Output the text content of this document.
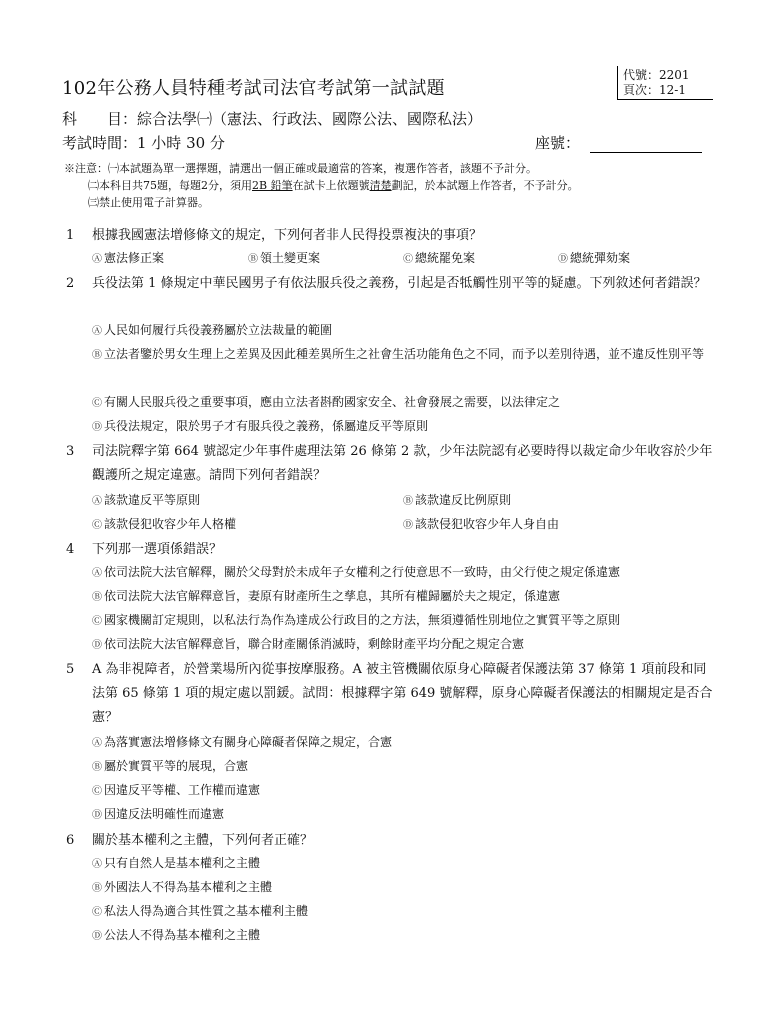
代號：2201
頁次：12-1
102年公務人員特種考試司法官考試第一試試題
科　　目：綜合法學㈠（憲法、行政法、國際公法、國際私法）
考試時間：1 小時 30 分	座號：
※注意：㈠本試題為單一選擇題，請選出一個正確或最適當的答案，複選作答者，該題不予計分。
㈡本科目共75題，每題2分，須用2B 鉛筆在試卡上依題號清楚劃記，於本試題上作答者，不予計分。
㈢禁止使用電子計算器。
1 根據我國憲法增修條文的規定，下列何者非人民得投票複決的事項？
Ⓐ 憲法修正案	Ⓑ 領土變更案	Ⓒ 總統罷免案	Ⓓ 總統彈劾案
2 兵役法第 1 條規定中華民國男子有依法服兵役之義務，引起是否牴觸性別平等的疑慮。下列敘述何者錯誤？
Ⓐ 人民如何履行兵役義務屬於立法裁量的範圍
Ⓑ 立法者鑒於男女生理上之差異及因此種差異所生之社會生活功能角色之不同，而予以差別待遇，並不違反性別平等
Ⓒ 有關人民服兵役之重要事項，應由立法者斟酌國家安全、社會發展之需要，以法律定之
Ⓓ 兵役法規定，限於男子才有服兵役之義務，係屬違反平等原則
3 司法院釋字第 664 號認定少年事件處理法第 26 條第 2 款，少年法院認有必要時得以裁定命少年收容於少年觀護所之規定違憲。請問下列何者錯誤？
Ⓐ 該款違反平等原則	Ⓑ 該款違反比例原則
Ⓒ 該款侵犯收容少年人格權	Ⓓ 該款侵犯收容少年人身自由
4 下列那一選項係錯誤？
Ⓐ 依司法院大法官解釋，關於父母對於未成年子女權利之行使意思不一致時，由父行使之規定係違憲
Ⓑ 依司法院大法官解釋意旨，妻原有財產所生之孳息，其所有權歸屬於夫之規定，係違憲
Ⓒ 國家機關訂定規則，以私法行為作為達成公行政目的之方法，無須遵循性別地位之實質平等之原則
Ⓓ 依司法院大法官解釋意旨，聯合財產關係消滅時，剩餘財產平均分配之規定合憲
5 A 為非視障者，於營業場所內從事按摩服務。A 被主管機關依原身心障礙者保護法第 37 條第 1 項前段和同法第 65 條第 1 項的規定處以罰鍰。試問：根據釋字第 649 號解釋，原身心障礙者保護法的相關規定是否合憲？
Ⓐ 為落實憲法增修條文有關身心障礙者保障之規定，合憲
Ⓑ 屬於實質平等的展現，合憲
Ⓒ 因違反平等權、工作權而違憲
Ⓓ 因違反法明確性而違憲
6 關於基本權利之主體，下列何者正確？
Ⓐ 只有自然人是基本權利之主體
Ⓑ 外國法人不得為基本權利之主體
Ⓒ 私法人得為適合其性質之基本權利主體
Ⓓ 公法人不得為基本權利之主體
